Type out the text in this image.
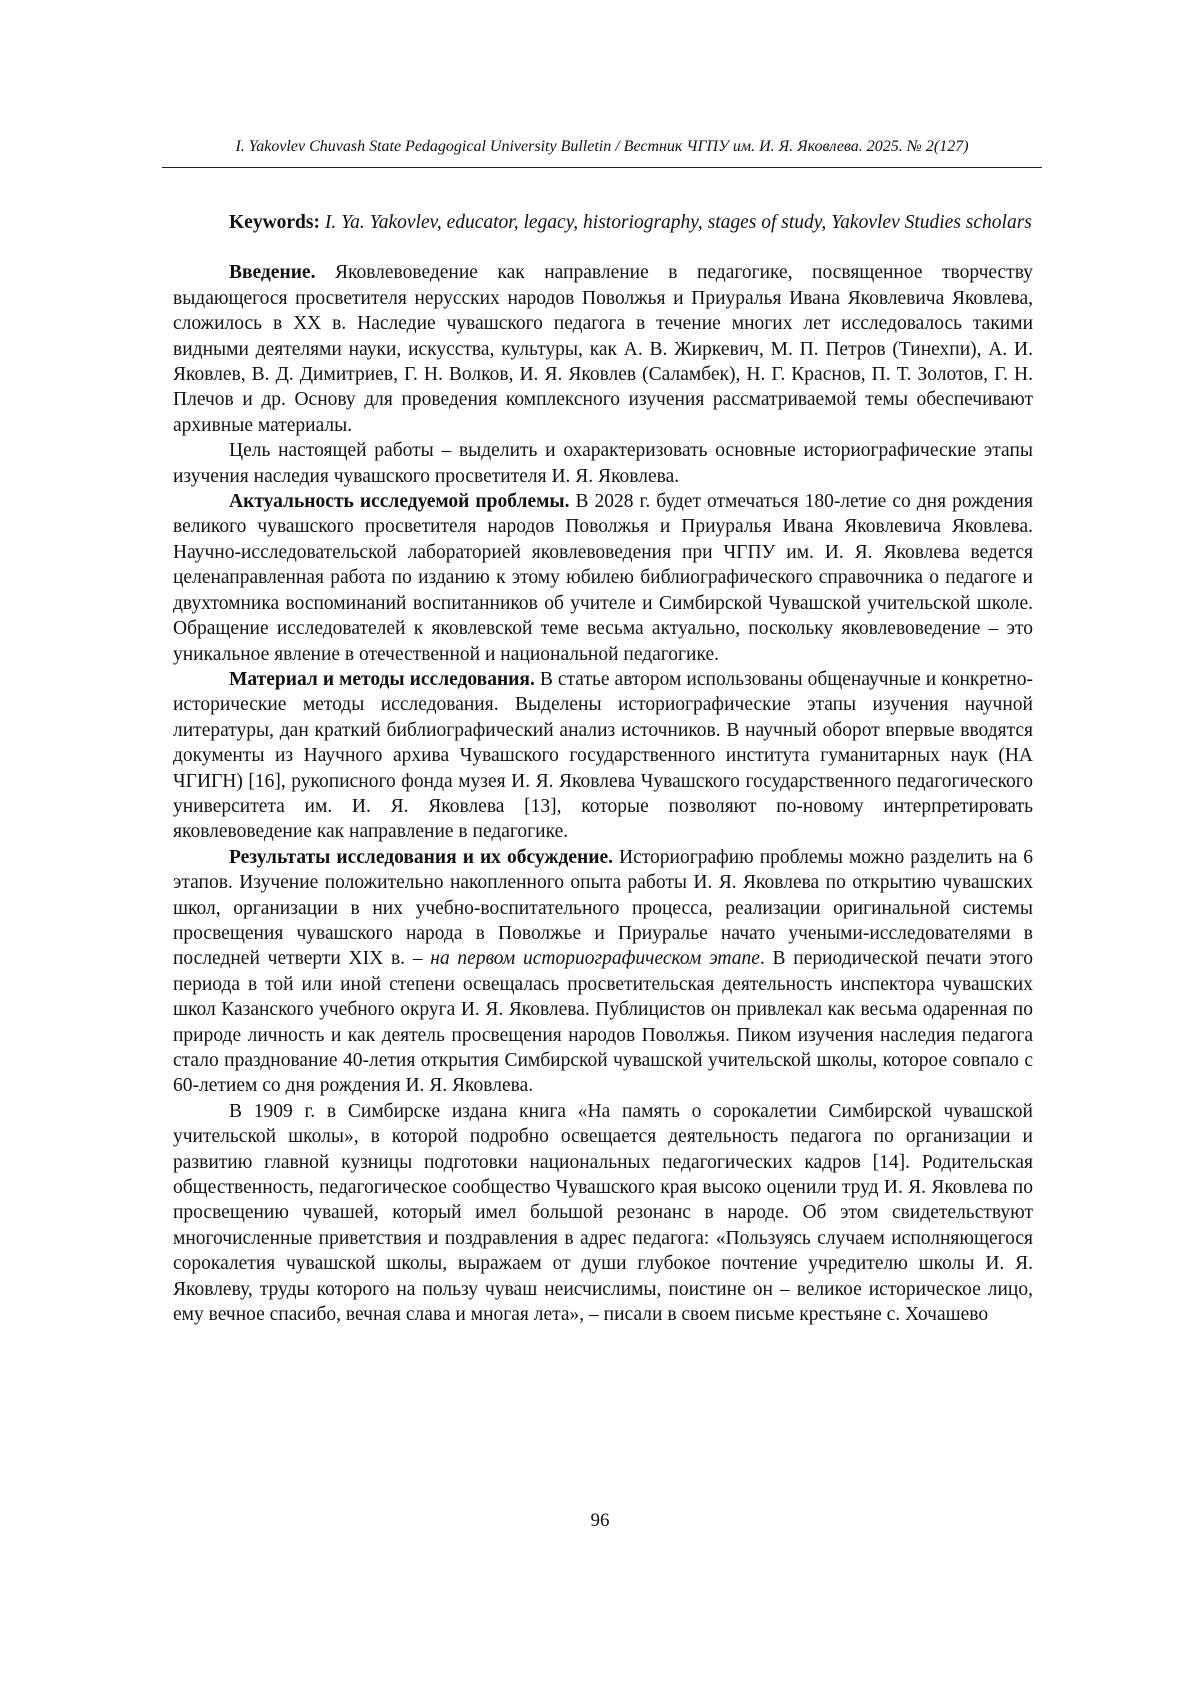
I. Yakovlev Chuvash State Pedagogical University Bulletin / Вестник ЧГПУ им. И. Я. Яковлева. 2025. № 2(127)

Keywords: I. Ya. Yakovlev, educator, legacy, historiography, stages of study, Yakovlev Studies scholars

Введение. Яковлевоведение как направление в педагогике, посвященное творчеству выдающегося просветителя нерусских народов Поволжья и Приуралья Ивана Яковлевича Яковлева, сложилось в XX в. Наследие чувашского педагога в течение многих лет исследовалось такими видными деятелями науки, искусства, культуры, как А. В. Жиркевич, М. П. Петров (Тинехпи), А. И. Яковлев, В. Д. Димитриев, Г. Н. Волков, И. Я. Яковлев (Саламбек), Н. Г. Краснов, П. Т. Золотов, Г. Н. Плечов и др. Основу для проведения комплексного изучения рассматриваемой темы обеспечивают архивные материалы.

Цель настоящей работы – выделить и охарактеризовать основные историографические этапы изучения наследия чувашского просветителя И. Я. Яковлева.

Актуальность исследуемой проблемы. В 2028 г. будет отмечаться 180-летие со дня рождения великого чувашского просветителя народов Поволжья и Приуралья Ивана Яковлевича Яковлева. Научно-исследовательской лабораторией яковлевоведения при ЧГПУ им. И. Я. Яковлева ведется целенаправленная работа по изданию к этому юбилею библиографического справочника о педагоге и двухтомника воспоминаний воспитанников об учителе и Симбирской Чувашской учительской школе. Обращение исследователей к яковлевской теме весьма актуально, поскольку яковлевоведение – это уникальное явление в отечественной и национальной педагогике.

Материал и методы исследования. В статье автором использованы общенаучные и конкретно-исторические методы исследования. Выделены историографические этапы изучения научной литературы, дан краткий библиографический анализ источников. В научный оборот впервые вводятся документы из Научного архива Чувашского государственного института гуманитарных наук (НА ЧГИГН) [16], рукописного фонда музея И. Я. Яковлева Чувашского государственного педагогического университета им. И. Я. Яковлева [13], которые позволяют по-новому интерпретировать яковлевоведение как направление в педагогике.

Результаты исследования и их обсуждение. Историографию проблемы можно разделить на 6 этапов. Изучение положительно накопленного опыта работы И. Я. Яковлева по открытию чувашских школ, организации в них учебно-воспитательного процесса, реализации оригинальной системы просвещения чувашского народа в Поволжье и Приуралье начато учеными-исследователями в последней четверти XIX в. – на первом историографическом этапе. В периодической печати этого периода в той или иной степени освещалась просветительская деятельность инспектора чувашских школ Казанского учебного округа И. Я. Яковлева. Публицистов он привлекал как весьма одаренная по природе личность и как деятель просвещения народов Поволжья. Пиком изучения наследия педагога стало празднование 40-летия открытия Симбирской чувашской учительской школы, которое совпало с 60-летием со дня рождения И. Я. Яковлева.

В 1909 г. в Симбирске издана книга «На память о сорокалетии Симбирской чувашской учительской школы», в которой подробно освещается деятельность педагога по организации и развитию главной кузницы подготовки национальных педагогических кадров [14]. Родительская общественность, педагогическое сообщество Чувашского края высоко оценили труд И. Я. Яковлева по просвещению чувашей, который имел большой резонанс в народе. Об этом свидетельствуют многочисленные приветствия и поздравления в адрес педагога: «Пользуясь случаем исполняющегося сорокалетия чувашской школы, выражаем от души глубокое почтение учредителю школы И. Я. Яковлеву, труды которого на пользу чуваш неисчислимы, поистине он – великое историческое лицо, ему вечное спасибо, вечная слава и многая лета», – писали в своем письме крестьяне с. Хочашево

96
